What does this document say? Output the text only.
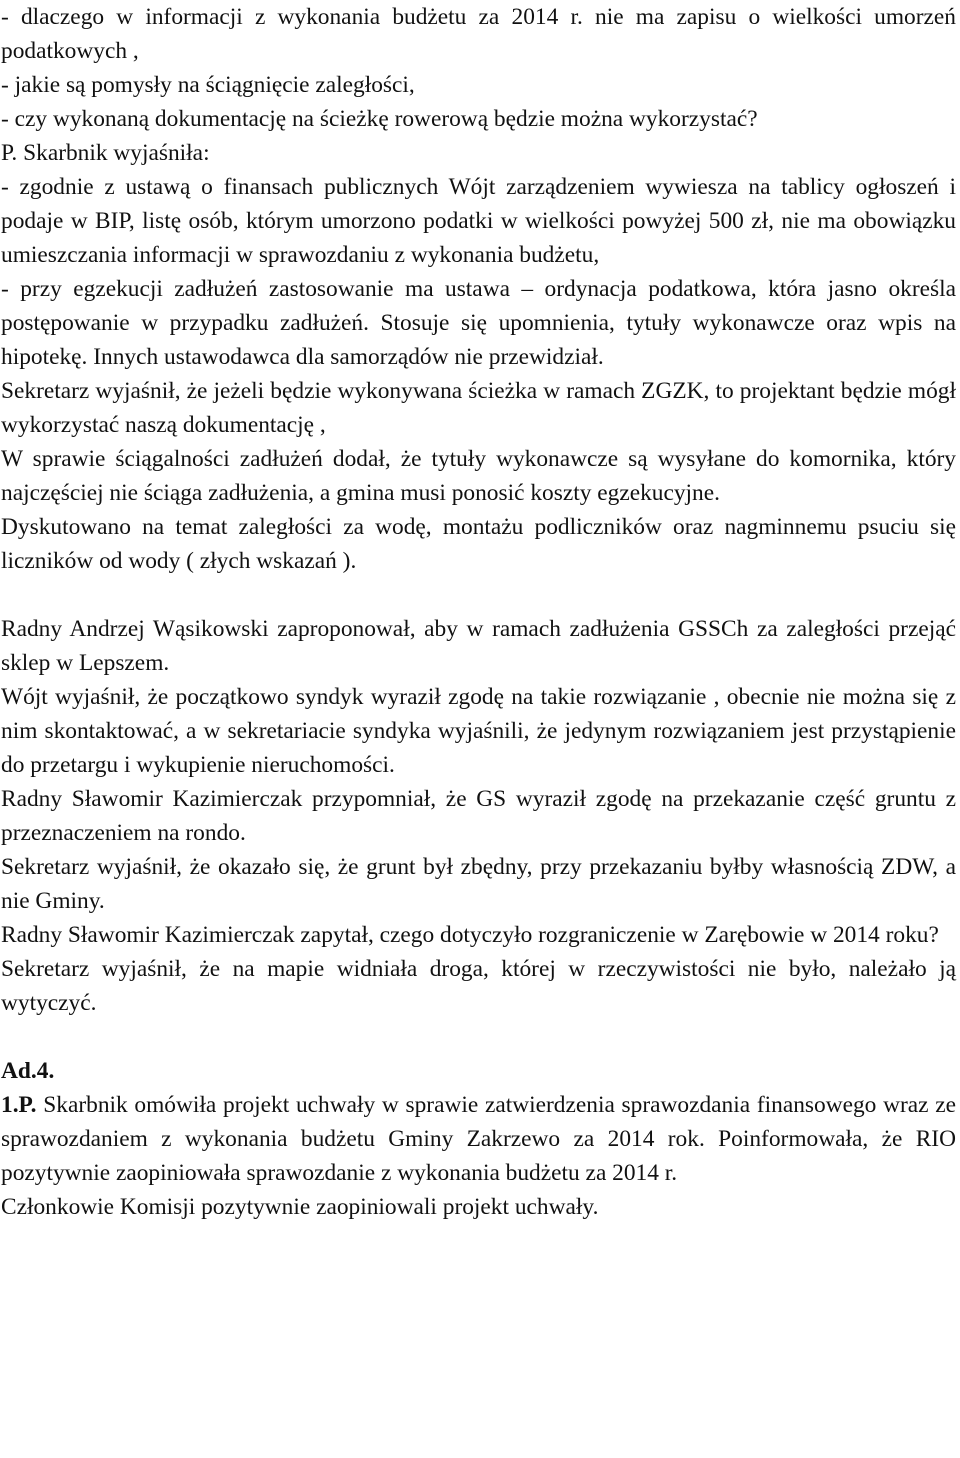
- dlaczego w informacji z wykonania budżetu za 2014 r. nie ma zapisu o wielkości umorzeń podatkowych ,

- jakie są pomysły na ściągnięcie zaległości,

- czy wykonaną dokumentację na ścieżkę rowerową będzie można wykorzystać?

P. Skarbnik wyjaśniła:

- zgodnie z ustawą o finansach publicznych Wójt zarządzeniem wywiesza na tablicy ogłoszeń i podaje w BIP, listę osób, którym umorzono podatki w wielkości powyżej 500 zł, nie ma obowiązku umieszczania informacji w sprawozdaniu z wykonania budżetu,

- przy egzekucji zadłużeń zastosowanie ma ustawa – ordynacja podatkowa, która jasno określa postępowanie w przypadku zadłużeń. Stosuje się upomnienia, tytuły wykonawcze oraz wpis na hipotekę. Innych ustawodawca dla samorządów nie przewidział.

Sekretarz wyjaśnił, że jeżeli będzie wykonywana ścieżka w ramach ZGZK, to projektant będzie mógł wykorzystać naszą dokumentację ,

W sprawie ściągalności zadłużeń dodał, że tytuły wykonawcze są wysyłane do komornika, który najczęściej nie ściąga zadłużenia, a gmina musi ponosić koszty egzekucyjne.

Dyskutowano na temat zaległości za wodę, montażu podliczników oraz nagminnemu psuciu się liczników od wody ( złych wskazań ).

Radny Andrzej Wąsikowski zaproponował, aby w ramach zadłużenia GSSCh za zaległości przejąć sklep w Lepszem.

Wójt wyjaśnił, że początkowo syndyk wyraził zgodę na takie rozwiązanie , obecnie nie można się z nim skontaktować, a w sekretariacie syndyka wyjaśnili, że jedynym rozwiązaniem jest przystąpienie do przetargu i wykupienie nieruchomości.

Radny Sławomir Kazimierczak przypomniał, że GS wyraził zgodę na przekazanie część gruntu z przeznaczeniem na rondo.

Sekretarz wyjaśnił, że okazało się, że grunt był zbędny, przy przekazaniu byłby własnością ZDW, a nie Gminy.

Radny Sławomir Kazimierczak zapytał, czego dotyczyło rozgraniczenie w Zarębowie w 2014 roku?

Sekretarz wyjaśnił, że na mapie widniała droga, której w rzeczywistości nie było, należało ją wytyczyć.

Ad.4.

1.P. Skarbnik omówiła projekt uchwały w sprawie zatwierdzenia sprawozdania finansowego wraz ze sprawozdaniem z wykonania budżetu Gminy Zakrzewo za 2014 rok. Poinformowała, że RIO pozytywnie zaopiniowała sprawozdanie z wykonania budżetu za 2014 r.

Członkowie Komisji pozytywnie zaopiniowali projekt uchwały.
